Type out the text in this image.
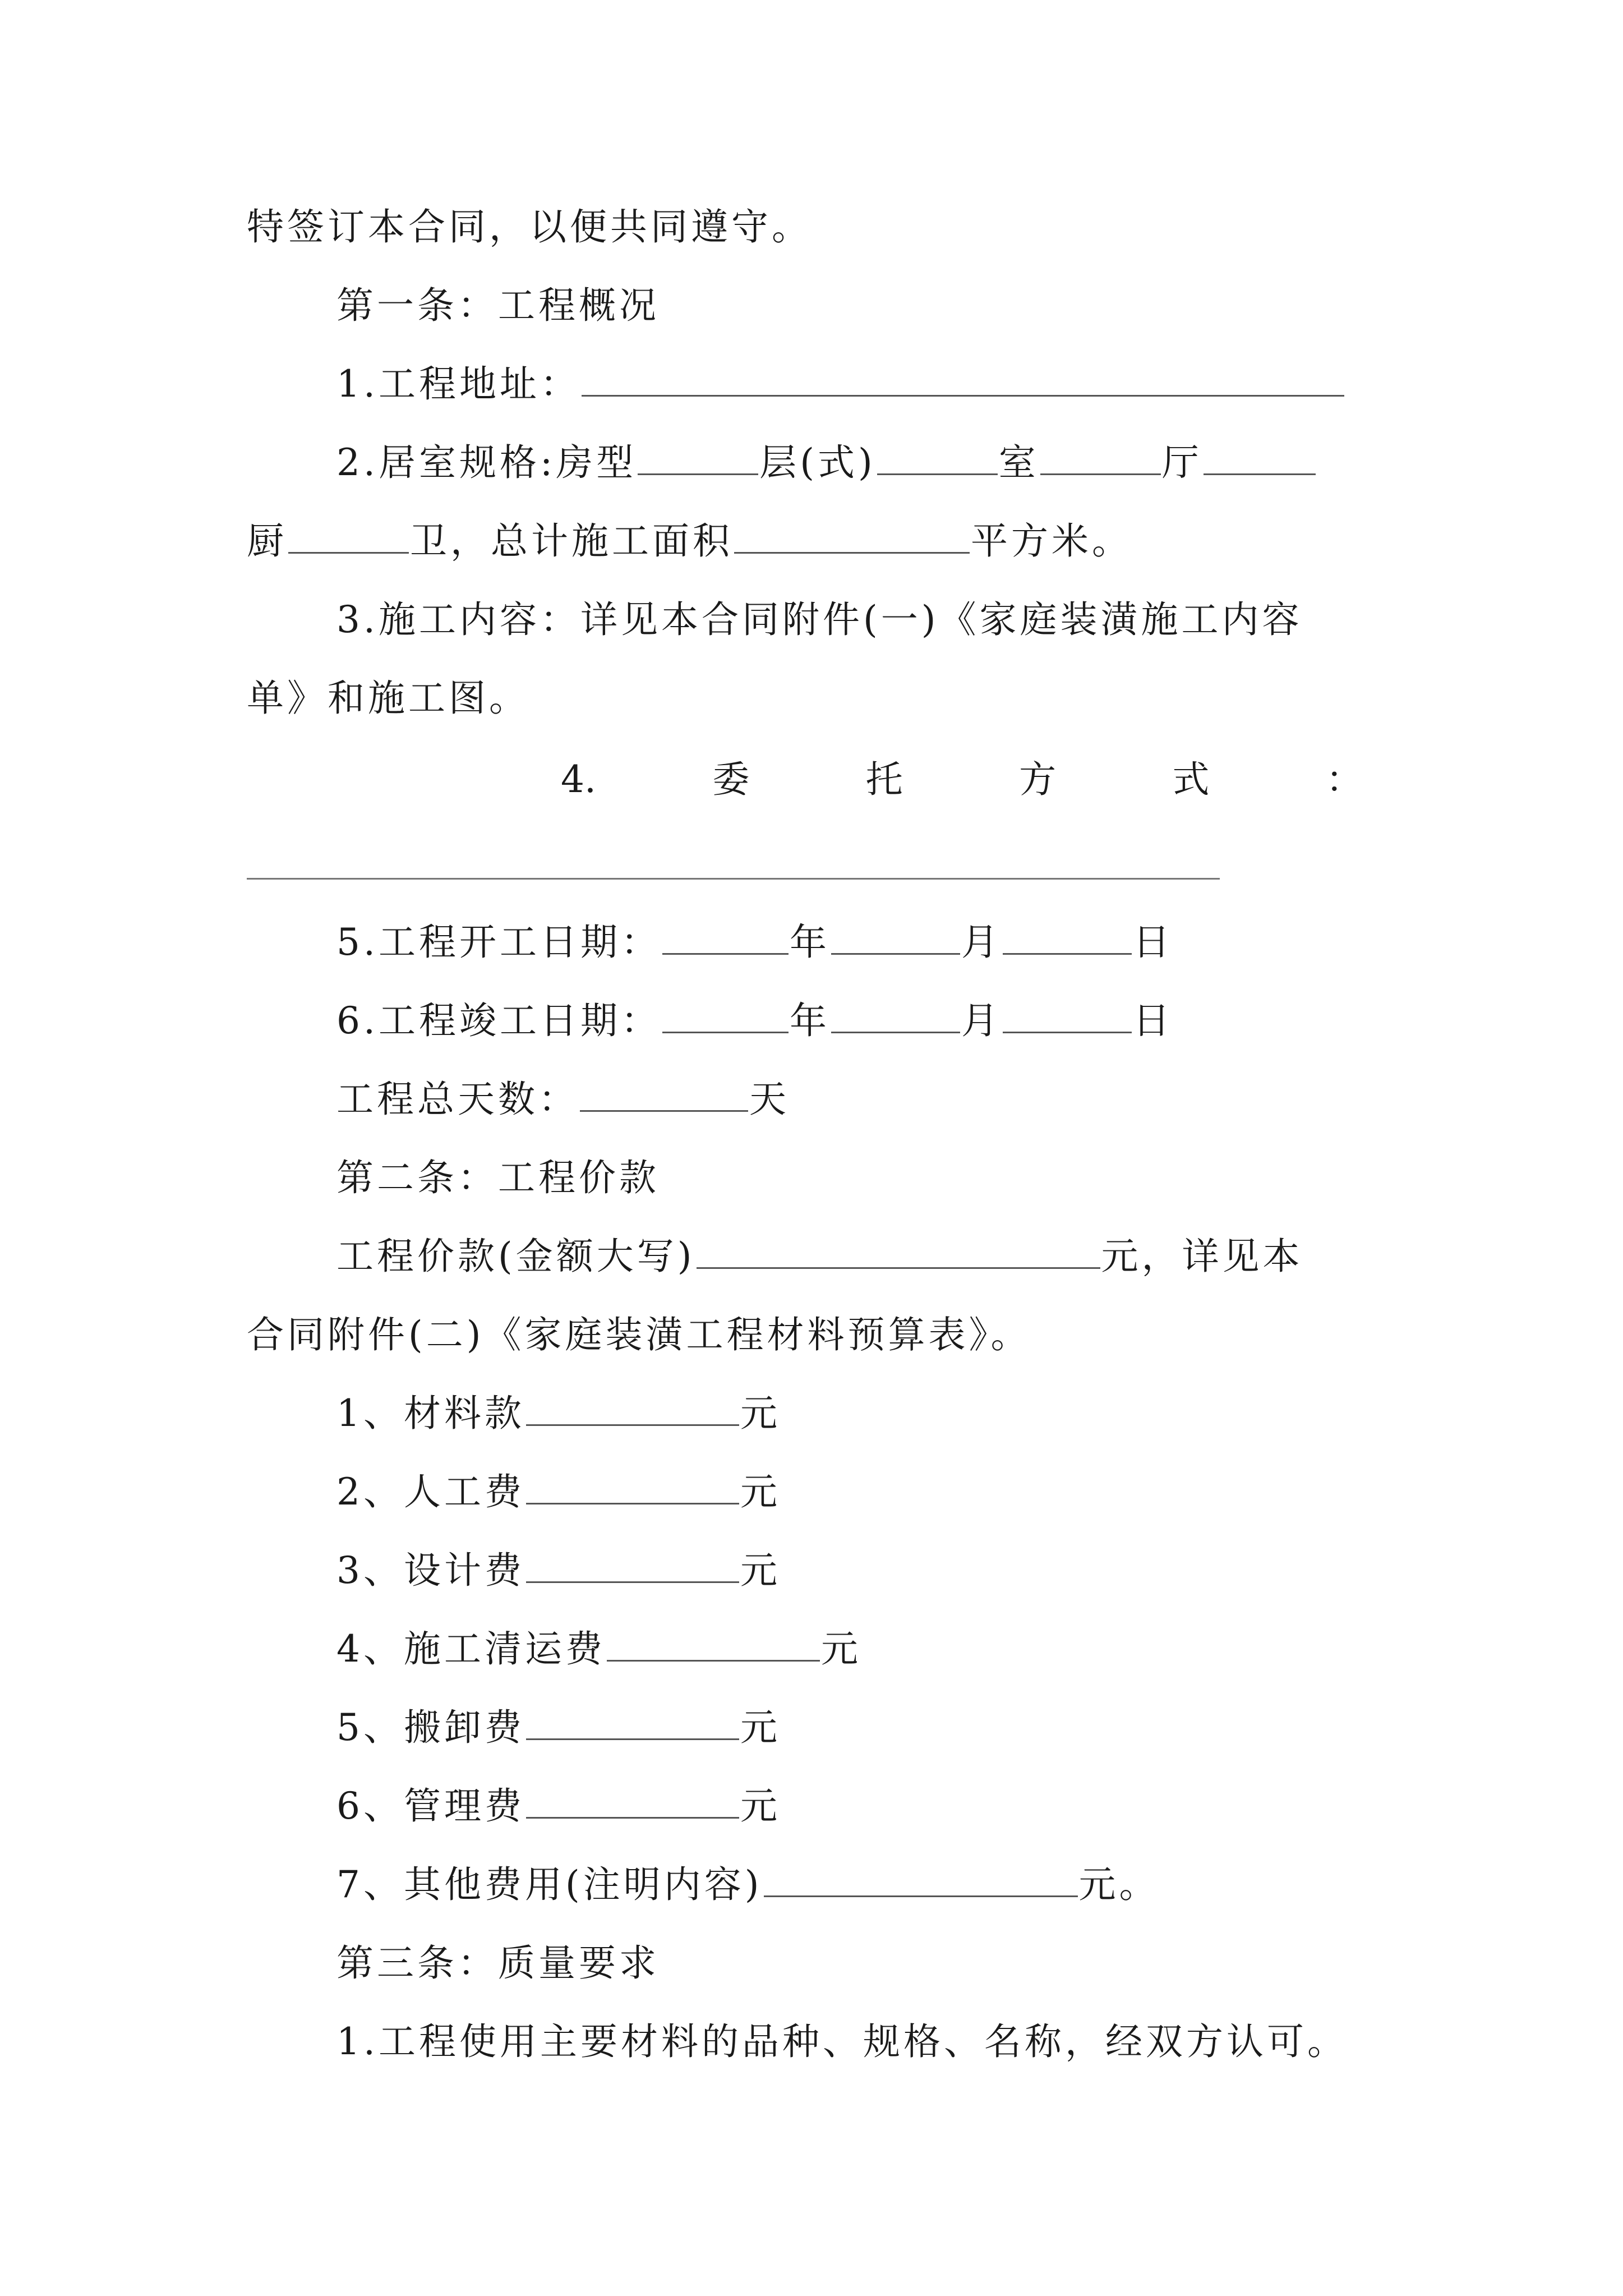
特签订本合同，以便共同遵守。
第一条：工程概况
1.工程地址：
2.居室规格:房型	层(式)	室	厅
厨	卫，总计施工面积	平方米。
3.施工内容：详见本合同附件(一)《家庭装潢施工内容
单》和施工图。
4.	委	托	方	式	：
5.工程开工日期：	年	月	日
6.工程竣工日期：	年	月	日
工程总天数：	天
第二条：工程价款
工程价款(金额大写)	元，详见本
合同附件(二)《家庭装潢工程材料预算表》。
1、材料款	元
2、人工费	元
3、设计费	元
4、施工清运费	元
5、搬卸费	元
6、管理费	元
7、其他费用(注明内容)	元。
第三条：质量要求
1.工程使用主要材料的品种、规格、名称，经双方认可。
